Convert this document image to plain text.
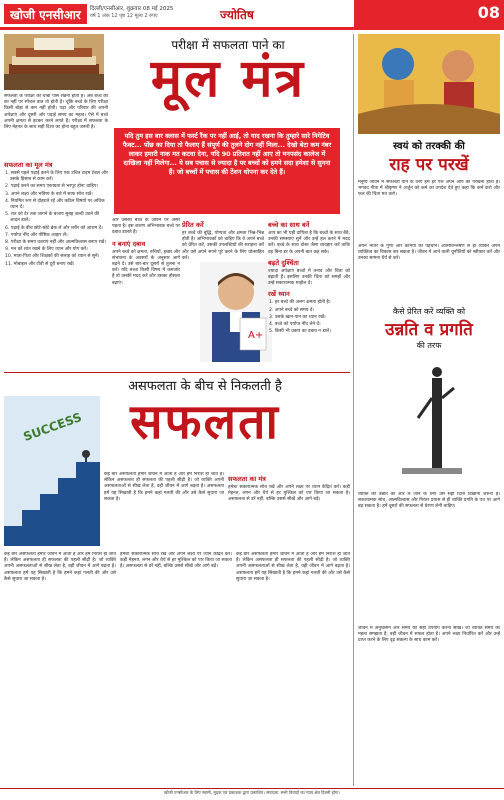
खोजी एनसीआर	दिल्ली/एनसीआर, शुक्रवार 08 मई 2025
वर्ष 1 अंक 12 पृष्ठ 12 मूल्य 2 रुपए	ज्योतिष	08
परीक्षा में सफलता पाने का
मूल मंत्र
यदि तुम इस बार क्लास में फर्स्ट रैंक पर नहीं आई, तो याद रखना कि तुम्हारे सारे निगेटिव फैक्ट... पोंछ का दिया तो फैलाए हैं संपूर्ण की तुलने दोग नहीं मिला... देखो बेटा कम नंबर लाकर हमारी नाक मत कटवा देना, यदि 90 प्रतिशत नहीं आए तो मनपसंद कालेज में दाखिला नहीं मिलेगा... ये सब पचास से ज्यादा है पर बच्चों को हमने सदा हमेशा से सुनना हैं। जो बच्चों में पचास की टेंशन थोपना कर देते हैं।
सफलता के परीक्षा की चाबी पास रखना होता है। अब बच्चे की का नहीं पर स्पेशल बात तो होती है। चूंकि बच्चे के लिए परीक्षा किसी बोझ से कम नहीं होती। पढ़ा और परिवार की अपनी अपेक्षाएं और दूसरी ओर पढ़ाई समय का महत्व। ऐसे में बच्चे अपनी क्षमता से हटकर करने लगते हैं। परीक्षा में सफलता के लिए मेहनत के साथ सही दिशा का होना बहुत जरूरी है।
सफलता का मूल मंत्र
1. सबसे पहले पढ़ाई करने के लिए एक उचित टाइम टेबल और उसके हिसाब से काम करें।
2. पढ़ाई करने का समय एकाग्रता से भरपूर होना चाहिए।
3. अपने लक्ष्य और भविष्य के बारे में साफ सोच रखें।
4. नियमित रूप से दोहराते रहें और कठिन विषयों पर अधिक ध्यान दें।
5. रात को देर तक जागने के बजाय सुबह जल्दी उठने की आदत डालें।
6. पढ़ाई के बीच छोटे-छोटे ब्रेक लें और शरीर को आराम दें।
7. पर्याप्त नींद और पौष्टिक आहार लें।
8. परीक्षा के समय घबराएं नहीं और आत्मविश्वास बनाए रखें।
9. मन को शांत रखने के लिए ध्यान और योग करें।
10. माता-पिता और शिक्षकों की सलाह को ध्यान से सुनें।
11. मोबाइल और टीवी से दूरी बनाए रखें।
और उसका बच्चे के जीवन पर असर पड़ता है। इस कारण अभिभावक बच्चे पर दबाव डालते हैं।
न बनाएं दबाव
अपने बच्चे को क्षमता, रुचियों, इच्छा और संभावना के अवसरों के अनुसार आगे बढ़ने दें। उसे बार-बार दूसरों से तुलना न करें। यदि बच्चा किसी विषय में कमजोर है तो उसकी मदद करें और उसका हौसला बढ़ाएं।
प्रेरित करें
हर बच्चे की बुद्धि, योग्यता और क्षमता भिन्न-भिन्न होती है। अभिभावकों को चाहिए कि वे अपने बच्चे को प्रेरित करें, उसकी उपलब्धियों की सराहना करें और उसे अपने सपने पूरे करने के लिए प्रोत्साहित करें।
A+
बच्चे का साथ बनें
आप का भी यही दायित्व है कि बच्चों के साथ बैठें, उनकी समस्याएं सुनें और उन्हें हल करने में मदद करें। बच्चे के साथ दोस्त जैसा व्यवहार करें ताकि वह बिना डर के अपनी बात कह सके।
बढ़ते दुश्चिंता
ज्यादा अपेक्षाएं बच्चों में तनाव और चिंता को बढ़ाती हैं। इसलिए उनकी चिंता को समझें और उन्हें सकारात्मक माहौल दें।
रखें ध्यान
1. हर बच्चे की अलग क्षमता होती है।
2. अपने बच्चे को समय दें।
3. उसके खान-पान का ध्यान रखें।
4. बच्चे को पर्याप्त नींद लेने दें।
5. किसी भी प्रकार का दबाव न डालें।
असफलता के बीच से निकलती है
सफलता
SUCCESS
कई बार असफलता हमारे जीवन में आती है और हम निराश हो जाते हैं। लेकिन असफलता ही सफलता की पहली सीढ़ी है। जो व्यक्ति अपनी असफलताओं से सीख लेता है, वही जीवन में आगे बढ़ता है। असफलता हमें यह सिखाती है कि हमने कहां गलती की और उसे कैसे सुधारा जा सकता है।
सफलता का मंत्र
हमेशा सकारात्मक सोच रखें और अपने लक्ष्य पर ध्यान केंद्रित करें। कड़ी मेहनत, लगन और धैर्य से हर मुश्किल को पार किया जा सकता है। असफलता से डरें नहीं, बल्कि उससे सीखें और आगे बढ़ें।
कई बार असफलता हमारे जीवन में आती है और हम निराश हो जाते हैं। लेकिन असफलता ही सफलता की पहली सीढ़ी है। जो व्यक्ति अपनी असफलताओं से सीख लेता है, वही जीवन में आगे बढ़ता है। असफलता हमें यह सिखाती है कि हमने कहां गलती की और उसे कैसे सुधारा जा सकता है।
हमेशा सकारात्मक सोच रखें और अपने लक्ष्य पर ध्यान केंद्रित करें। कड़ी मेहनत, लगन और धैर्य से हर मुश्किल को पार किया जा सकता है। असफलता से डरें नहीं, बल्कि उससे सीखें और आगे बढ़ें।
कई बार असफलता हमारे जीवन में आती है और हम निराश हो जाते हैं। लेकिन असफलता ही सफलता की पहली सीढ़ी है। जो व्यक्ति अपनी असफलताओं से सीख लेता है, वही जीवन में आगे बढ़ता है। असफलता हमें यह सिखाती है कि हमने कहां गलती की और उसे कैसे सुधारा जा सकता है।
स्वयं को तरक्की की
राह पर परखें
मनुष्य जीवन में सफलता पाने के लिए हमें हर पल अपने आप को परखना होता है। भगवद गीता में श्रीकृष्ण ने अर्जुन को कर्म का उपदेश देते हुए कहा कि कर्म करो और फल की चिंता मत करो।
अपने भीतर के गुणों और कमियों को पहचानें। आत्मविश्लेषण से ही व्यक्ति अपने व्यक्तित्व का विकास कर सकता है। जीवन में आने वाली चुनौतियों को स्वीकार करें और उनका सामना धैर्य से करें।
कैसे प्रेरित करें व्यक्ति को
उन्नति व प्रगति
की तरफ
व्यक्ति को उन्नति की ओर ले जाने के लिए उसे सही दिशा दिखाना जरूरी है। सकारात्मक सोच, आत्मविश्वास और निरंतर प्रयास से ही व्यक्ति प्रगति के पथ पर आगे बढ़ सकता है। हमें दूसरों की सफलता से प्रेरणा लेनी चाहिए।
जीवन में अनुशासन और समय का सही उपयोग करना सीखें। जो व्यक्ति समय का महत्व समझता है, वही जीवन में सफल होता है। अपने लक्ष्य निर्धारित करें और उन्हें प्राप्त करने के लिए दृढ़ संकल्प के साथ काम करें।
खोजी एनसीआर के लिए स्वामी, मुद्रक एवं प्रकाशक द्वारा प्रकाशित। संपादक: सभी विवादों का न्याय क्षेत्र दिल्ली होगा।
